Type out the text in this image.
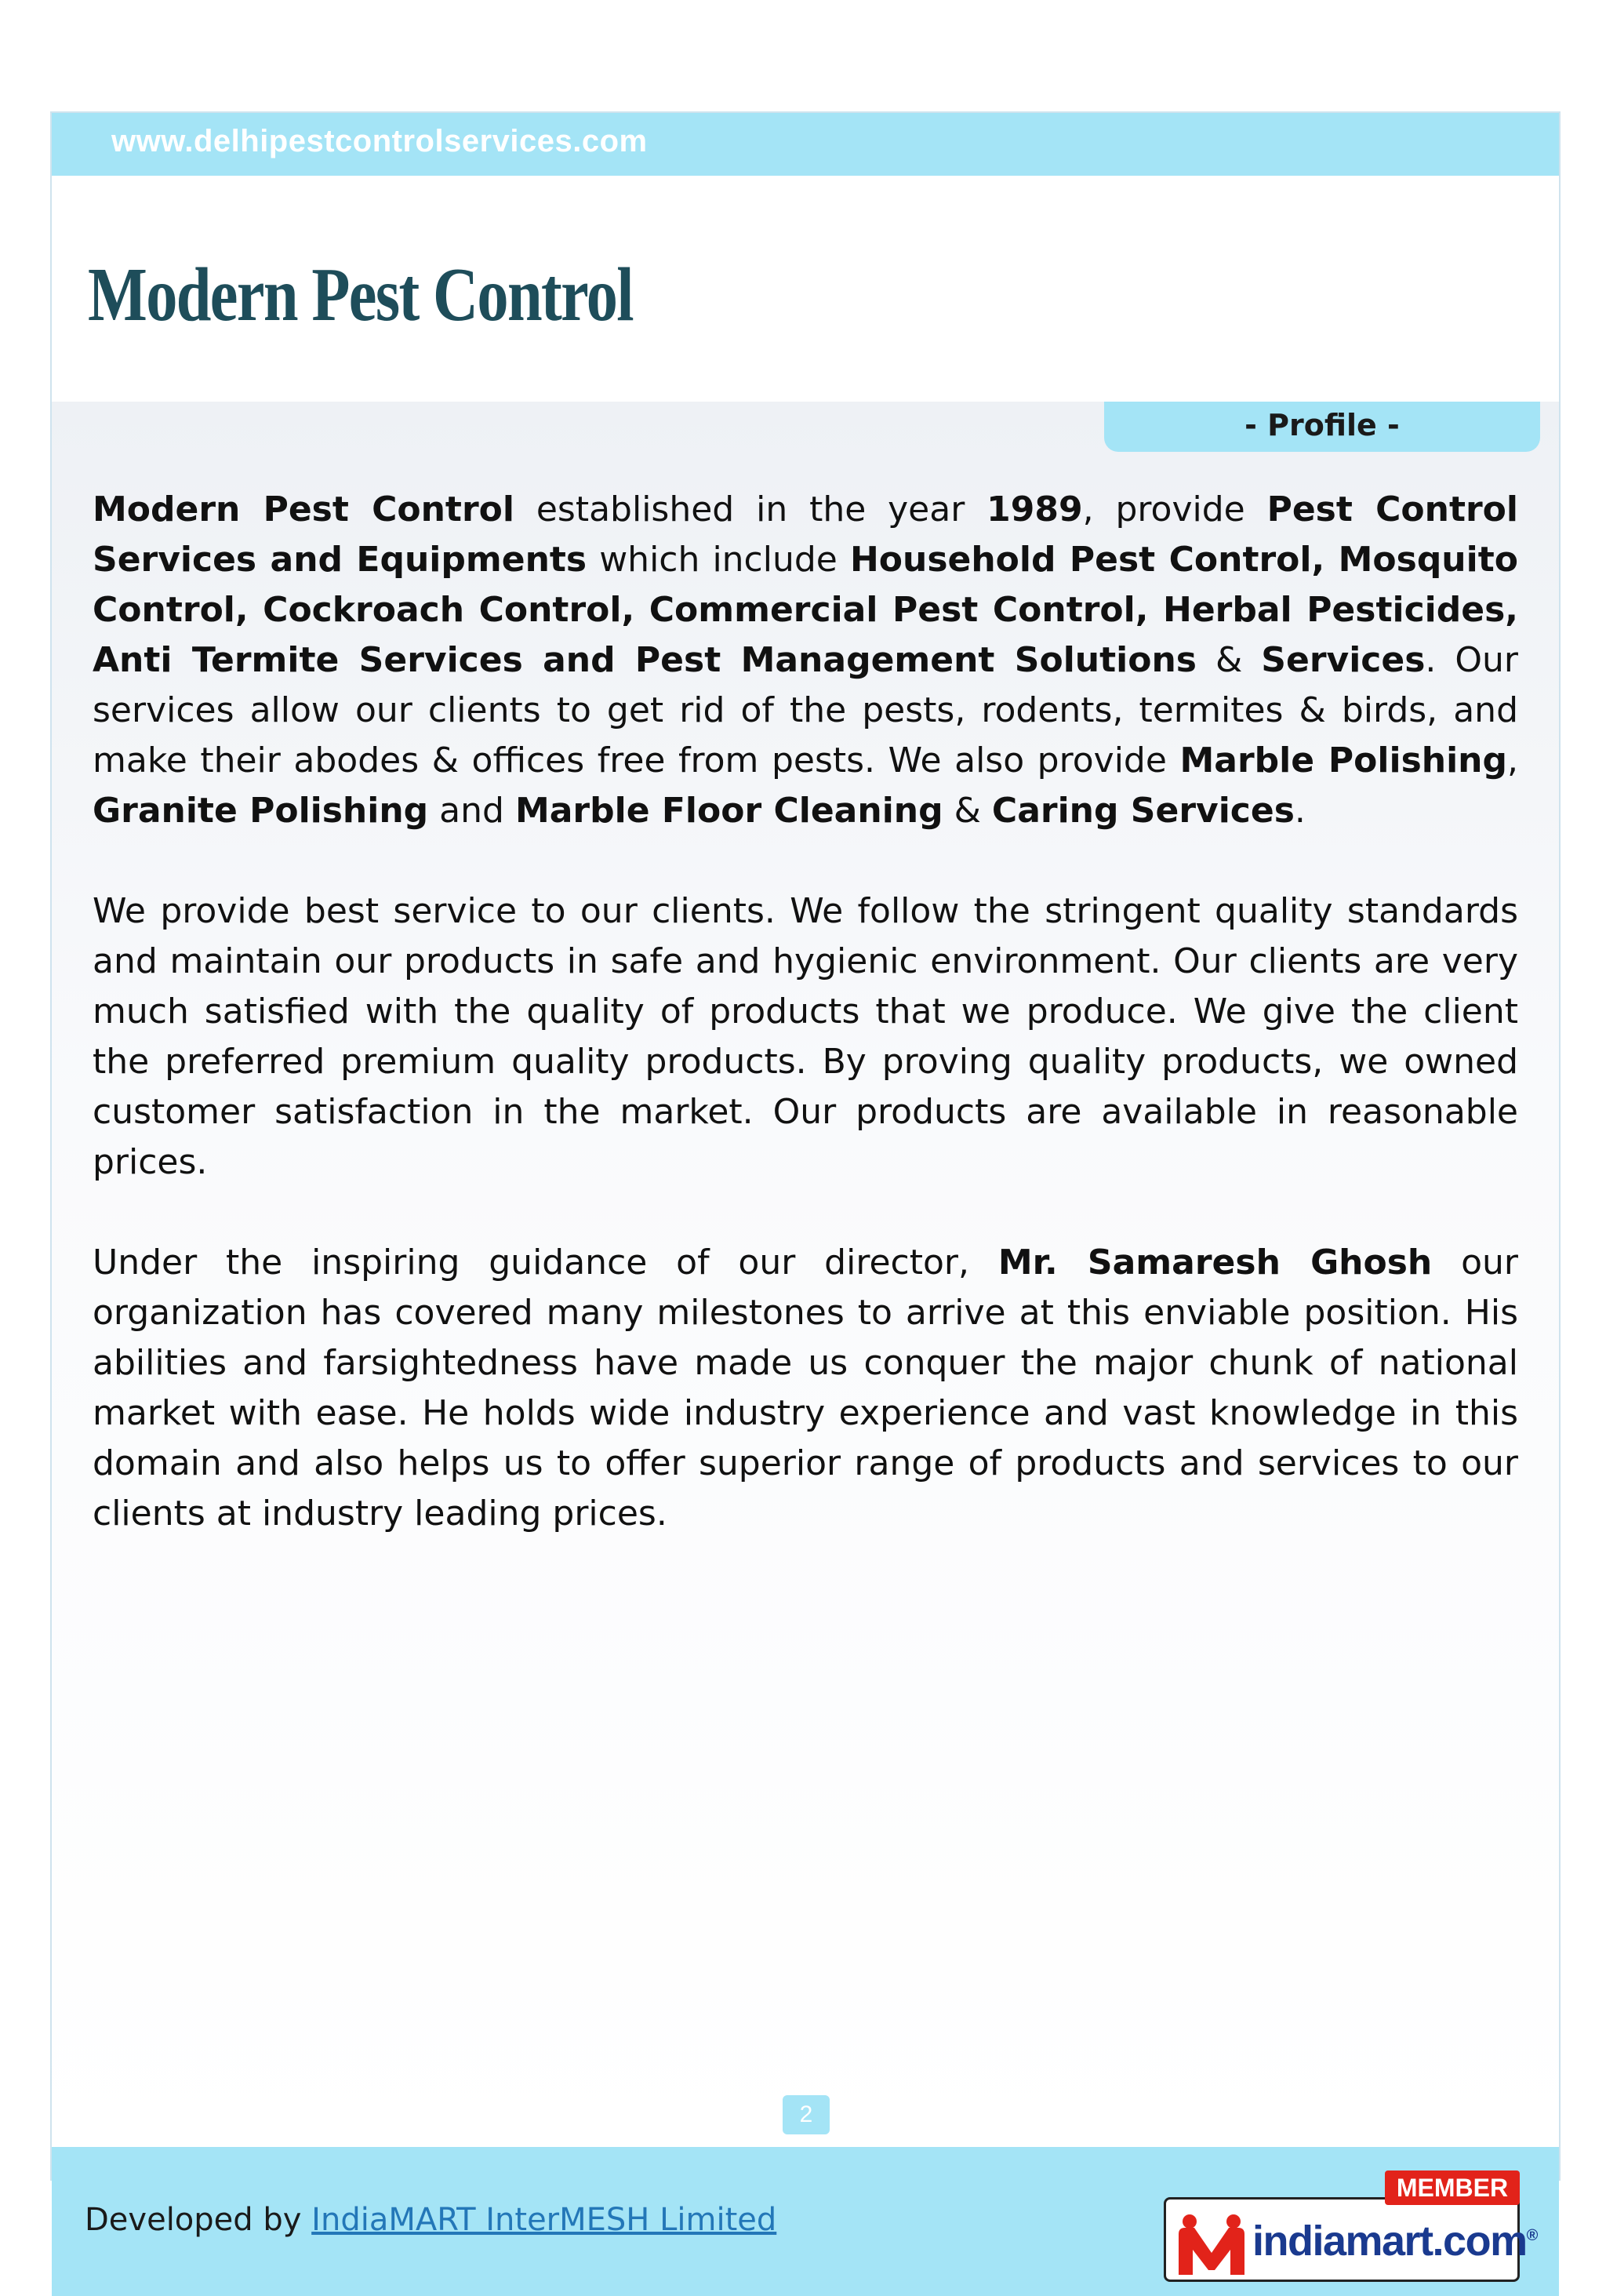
www.delhipestcontrolservices.com
Modern Pest Control
- Profile -

Modern Pest Control established in the year 1989, provide Pest Control Services and Equipments which include Household Pest Control, Mosquito Control, Cockroach Control, Commercial Pest Control, Herbal Pesticides, Anti Termite Services and Pest Management Solutions & Services. Our services allow our clients to get rid of the pests, rodents, termites & birds, and make their abodes & offices free from pests. We also provide Marble Polishing, Granite Polishing and Marble Floor Cleaning & Caring Services.

We provide best service to our clients. We follow the stringent quality standards and maintain our products in safe and hygienic environment. Our clients are very much satisfied with the quality of products that we produce. We give the client the preferred premium quality products. By proving quality products, we owned customer satisfaction in the market. Our products are available in reasonable prices.

Under the inspiring guidance of our director, Mr. Samaresh Ghosh our organization has covered many milestones to arrive at this enviable position. His abilities and farsightedness have made us conquer the major chunk of national market with ease. He holds wide industry experience and vast knowledge in this domain and also helps us to offer superior range of products and services to our clients at industry leading prices.

2
Developed by IndiaMART InterMESH Limited
MEMBER
indiamart.com®
